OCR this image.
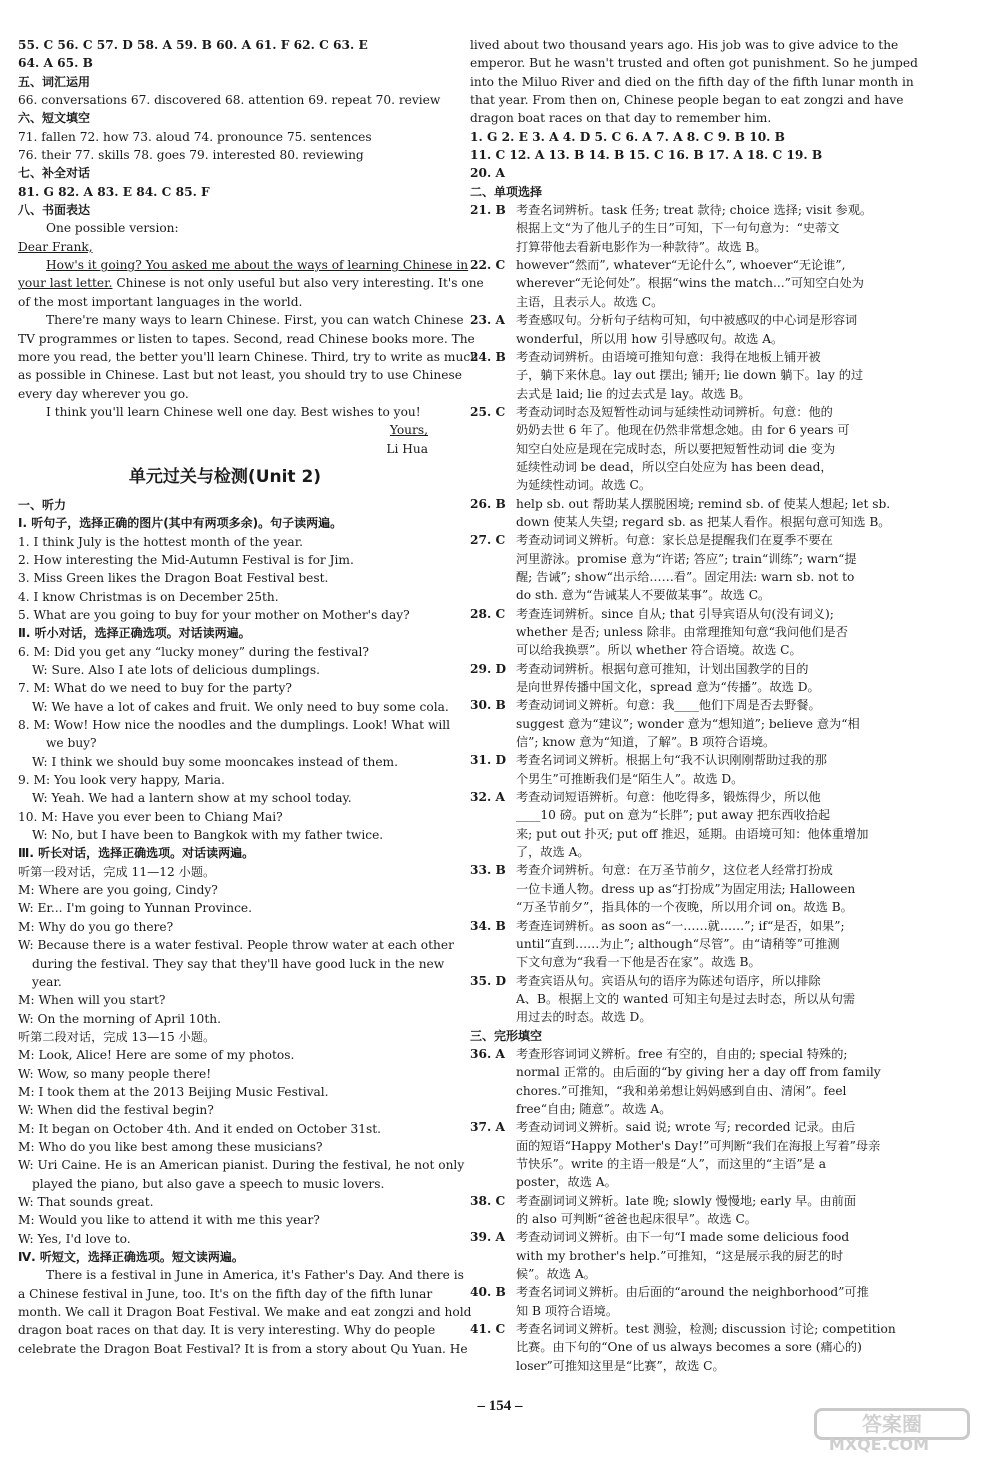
55. C 56. C 57. D 58. A 59. B 60. A 61. F 62. C 63. E
64. A 65. B
五、词汇运用
66. conversations 67. discovered 68. attention 69. repeat 70. review
六、短文填空
71. fallen 72. how 73. aloud 74. pronounce 75. sentences
76. their 77. skills 78. goes 79. interested 80. reviewing
七、补全对话
81. G 82. A 83. E 84. C 85. F
八、书面表达
One possible version:
Dear Frank,
How's it going? You asked me about the ways of learning Chinese in
your last letter. Chinese is not only useful but also very interesting. It's one
of the most important languages in the world.
There're many ways to learn Chinese. First, you can watch Chinese
TV programmes or listen to tapes. Second, read Chinese books more. The
more you read, the better you'll learn Chinese. Third, try to write as much
as possible in Chinese. Last but not least, you should try to use Chinese
every day wherever you go.
I think you'll learn Chinese well one day. Best wishes to you!
Yours,
Li Hua
单元过关与检测(Unit 2)
一、听力
Ⅰ. 听句子，选择正确的图片(其中有两项多余)。句子读两遍。
1. I think July is the hottest month of the year.
2. How interesting the Mid-Autumn Festival is for Jim.
3. Miss Green likes the Dragon Boat Festival best.
4. I know Christmas is on December 25th.
5. What are you going to buy for your mother on Mother's day?
Ⅱ. 听小对话，选择正确选项。对话读两遍。
6. M: Did you get any “lucky money” during the festival?
W: Sure. Also I ate lots of delicious dumplings.
7. M: What do we need to buy for the party?
W: We have a lot of cakes and fruit. We only need to buy some cola.
8. M: Wow! How nice the noodles and the dumplings. Look! What will
we buy?
W: I think we should buy some mooncakes instead of them.
9. M: You look very happy, Maria.
W: Yeah. We had a lantern show at my school today.
10. M: Have you ever been to Chiang Mai?
W: No, but I have been to Bangkok with my father twice.
Ⅲ. 听长对话，选择正确选项。对话读两遍。
听第一段对话，完成 11—12 小题。
M: Where are you going, Cindy?
W: Er... I'm going to Yunnan Province.
M: Why do you go there?
W: Because there is a water festival. People throw water at each other
during the festival. They say that they'll have good luck in the new
year.
M: When will you start?
W: On the morning of April 10th.
听第二段对话，完成 13—15 小题。
M: Look, Alice! Here are some of my photos.
W: Wow, so many people there!
M: I took them at the 2013 Beijing Music Festival.
W: When did the festival begin?
M: It began on October 4th. And it ended on October 31st.
M: Who do you like best among these musicians?
W: Uri Caine. He is an American pianist. During the festival, he not only
played the piano, but also gave a speech to music lovers.
W: That sounds great.
M: Would you like to attend it with me this year?
W: Yes, I'd love to.
Ⅳ. 听短文，选择正确选项。短文读两遍。
There is a festival in June in America, it's Father's Day. And there is
a Chinese festival in June, too. It's on the fifth day of the fifth lunar
month. We call it Dragon Boat Festival. We make and eat zongzi and hold
dragon boat races on that day. It is very interesting. Why do people
celebrate the Dragon Boat Festival? It is from a story about Qu Yuan. He
lived about two thousand years ago. His job was to give advice to the
emperor. But he wasn't trusted and often got punishment. So he jumped
into the Miluo River and died on the fifth day of the fifth lunar month in
that year. From then on, Chinese people began to eat zongzi and have
dragon boat races on that day to remember him.
1. G 2. E 3. A 4. D 5. C 6. A 7. A 8. C 9. B 10. B
11. C 12. A 13. B 14. B 15. C 16. B 17. A 18. C 19. B
20. A
二、单项选择
21. B 考查名词辨析。task 任务; treat 款待; choice 选择; visit 参观。
根据上文“为了他儿子的生日”可知，下一句句意为：“史蒂文
打算带他去看新电影作为一种款待”。故选 B。
22. C however“然而”, whatever“无论什么”, whoever“无论谁”,
wherever“无论何处”。根据“wins the match...”可知空白处为
主语，且表示人。故选 C。
23. A 考查感叹句。分析句子结构可知，句中被感叹的中心词是形容词
wonderful，所以用 how 引导感叹句。故选 A。
24. B 考查动词辨析。由语境可推知句意：我得在地板上铺开被
子，躺下来休息。lay out 摆出; 铺开; lie down 躺下。lay 的过
去式是 laid; lie 的过去式是 lay。故选 B。
25. C 考查动词时态及短暂性动词与延续性动词辨析。句意：他的
奶奶去世 6 年了。他现在仍然非常想念她。由 for 6 years 可
知空白处应是现在完成时态，所以要把短暂性动词 die 变为
延续性动词 be dead，所以空白处应为 has been dead，
为延续性动词。故选 C。
26. B help sb. out 帮助某人摆脱困境; remind sb. of 使某人想起; let sb.
down 使某人失望; regard sb. as 把某人看作。根据句意可知选 B。
27. C 考查动词词义辨析。句意：家长总是提醒我们在夏季不要在
河里游泳。promise 意为“许诺; 答应”; train“训练”; warn“提
醒; 告诫”; show“出示给……看”。固定用法: warn sb. not to
do sth. 意为“告诫某人不要做某事”。故选 C。
28. C 考查连词辨析。since 自从; that 引导宾语从句(没有词义);
whether 是否; unless 除非。由常理推知句意“我问他们是否
可以给我换票”。所以 whether 符合语境。故选 C。
29. D 考查动词辨析。根据句意可推知，计划出国教学的目的
是向世界传播中国文化，spread 意为“传播”。故选 D。
30. B 考查动词词义辨析。句意：我____他们下周是否去野餐。
suggest 意为“建议”; wonder 意为“想知道”; believe 意为“相
信”; know 意为“知道，了解”。B 项符合语境。
31. D 考查名词词义辨析。根据上句“我不认识刚刚帮助过我的那
个男生”可推断我们是“陌生人”。故选 D。
32. A 考查动词短语辨析。句意：他吃得多，锻炼得少，所以他
____10 磅。put on 意为“长胖”; put away 把东西收拾起
来; put out 扑灭; put off 推迟，延期。由语境可知：他体重增加
了，故选 A。
33. B 考查介词辨析。句意：在万圣节前夕，这位老人经常打扮成
一位卡通人物。dress up as“打扮成”为固定用法; Halloween
“万圣节前夕”，指具体的一个夜晚，所以用介词 on。故选 B。
34. B 考查连词辨析。as soon as“一……就……”; if“是否，如果”;
until“直到……为止”; although“尽管”。由“请稍等”可推测
下文句意为“我看一下他是否在家”。故选 B。
35. D 考查宾语从句。宾语从句的语序为陈述句语序，所以排除
A、B。根据上文的 wanted 可知主句是过去时态，所以从句需
用过去的时态。故选 D。
三、完形填空
36. A 考查形容词词义辨析。free 有空的，自由的; special 特殊的;
normal 正常的。由后面的“by giving her a day off from family
chores.”可推知，“我和弟弟想让妈妈感到自由、清闲”。feel
free“自由; 随意”。故选 A。
37. A 考查动词词义辨析。said 说; wrote 写; recorded 记录。由后
面的短语“Happy Mother's Day!”可判断“我们在海报上写着”母亲
节快乐”。write 的主语一般是“人”，而这里的“主语”是 a
poster，故选 A。
38. C 考查副词词义辨析。late 晚; slowly 慢慢地; early 早。由前面
的 also 可判断“爸爸也起床很早”。故选 C。
39. A 考查动词词义辨析。由下一句“I made some delicious food
with my brother's help.”可推知，“这是展示我的厨艺的时
候”。故选 A。
40. B 考查名词词义辨析。由后面的“around the neighborhood”可推
知 B 项符合语境。
41. C 考查名词词义辨析。test 测验，检测; discussion 讨论; competition
比赛。由下句的“One of us always becomes a sore (痛心的)
loser”可推知这里是“比赛”，故选 C。
– 154 –
答案圈
MXQE.COM
